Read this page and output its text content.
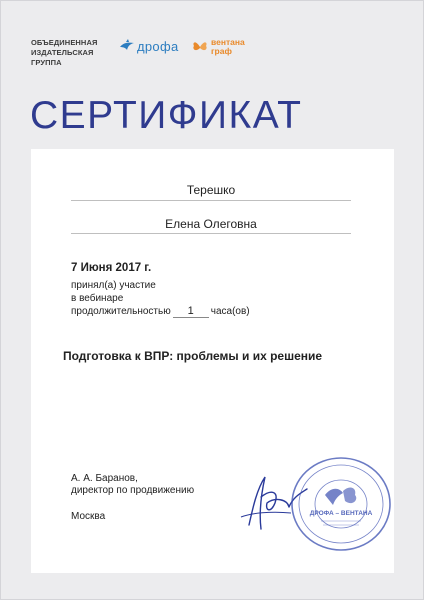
ОБЪЕДИНЕННАЯ
ИЗДАТЕЛЬСКАЯ
ГРУППА
дрофа	вентана
граф
СЕРТИФИКАТ
Терешко
Елена Олеговна
7 Июня 2017 г.
принял(а) участие
в вебинаре
продолжительностью 1 часа(ов)
Подготовка к ВПР: проблемы и их решение
А. А. Баранов,
директор по продвижению
Москва	ДРОФА – ВЕНТАНА
